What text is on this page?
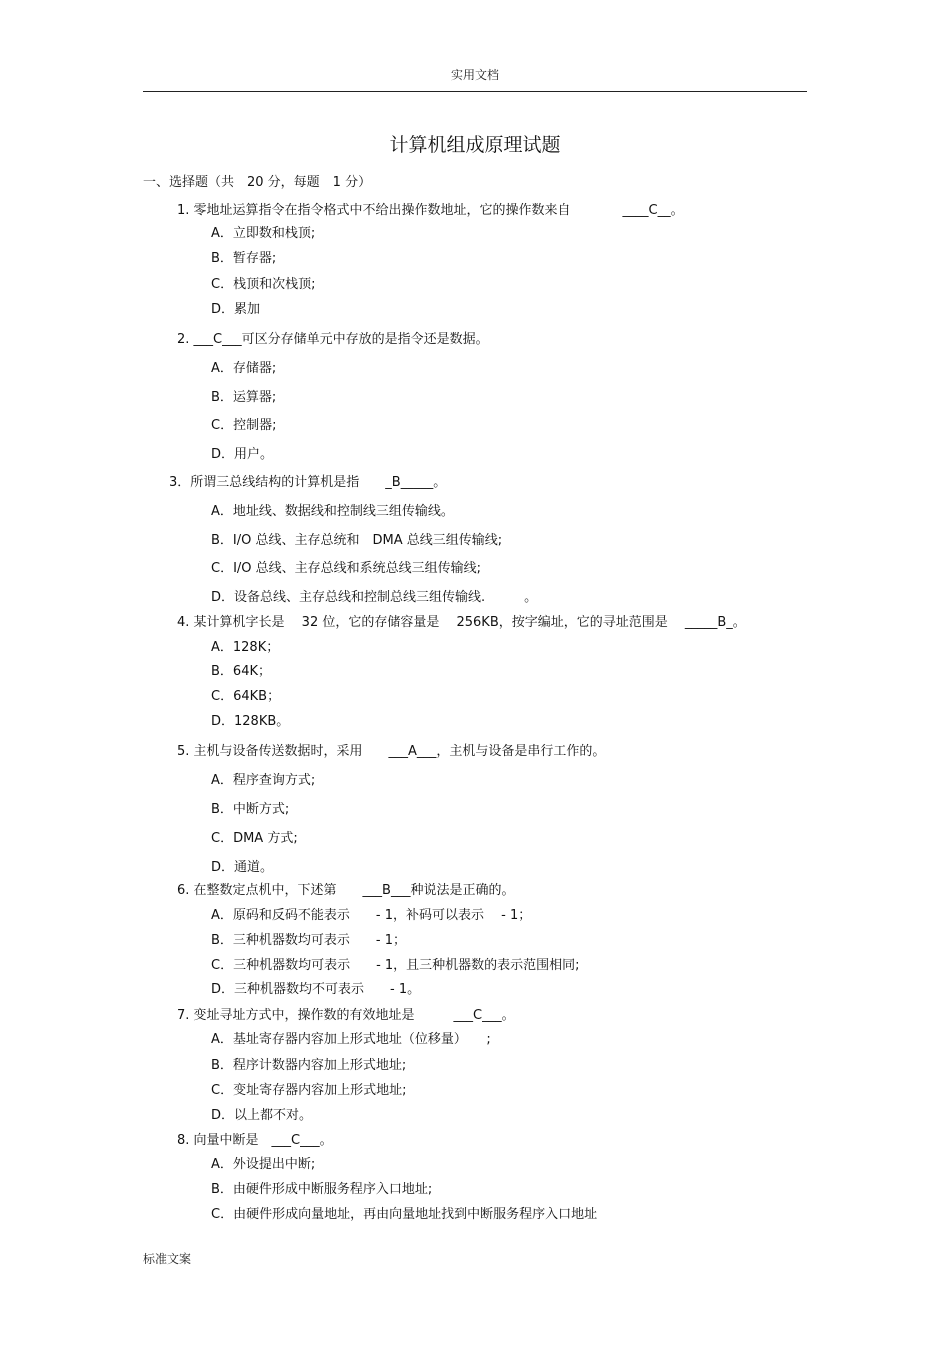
实用文档
计算机组成原理试题
一、选择题（共　20 分，每题　1 分）
1. 零地址运算指令在指令格式中不给出操作数地址，它的操作数来自　　　　____C__。
A．立即数和栈顶;
B．暂存器;
C．栈顶和次栈顶;
D．累加
2. ___C___可区分存储单元中存放的是指令还是数据。
A．存储器;
B．运算器;
C．控制器;
D．用户。
3．所谓三总线结构的计算机是指　　_B_____。
A．地址线、数据线和控制线三组传输线。
B．I/O 总线、主存总统和　DMA 总线三组传输线;
C．I/O 总线、主存总线和系统总线三组传输线;
D．设备总线、主存总线和控制总线三组传输线.　　　。
4. 某计算机字长是　 32 位，它的存储容量是　 256KB，按字编址，它的寻址范围是　 _____B_。
A．128K；
B．64K；
C．64KB；
D．128KB。
5. 主机与设备传送数据时，采用　　___A___，主机与设备是串行工作的。
A．程序查询方式;
B．中断方式;
C．DMA 方式;
D．通道。
6. 在整数定点机中，下述第　　___B___种说法是正确的。
A．原码和反码不能表示　　- 1，补码可以表示　 - 1；
B．三种机器数均可表示　　- 1；
C．三种机器数均可表示　　- 1，且三种机器数的表示范围相同;
D．三种机器数均不可表示　　- 1。
7. 变址寻址方式中，操作数的有效地址是　　　___C___。
A．基址寄存器内容加上形式地址（位移量）　　;
B．程序计数器内容加上形式地址;
C．变址寄存器内容加上形式地址;
D．以上都不对。
8. 向量中断是　___C___。
A．外设提出中断;
B．由硬件形成中断服务程序入口地址;
C．由硬件形成向量地址，再由向量地址找到中断服务程序入口地址
标准文案
